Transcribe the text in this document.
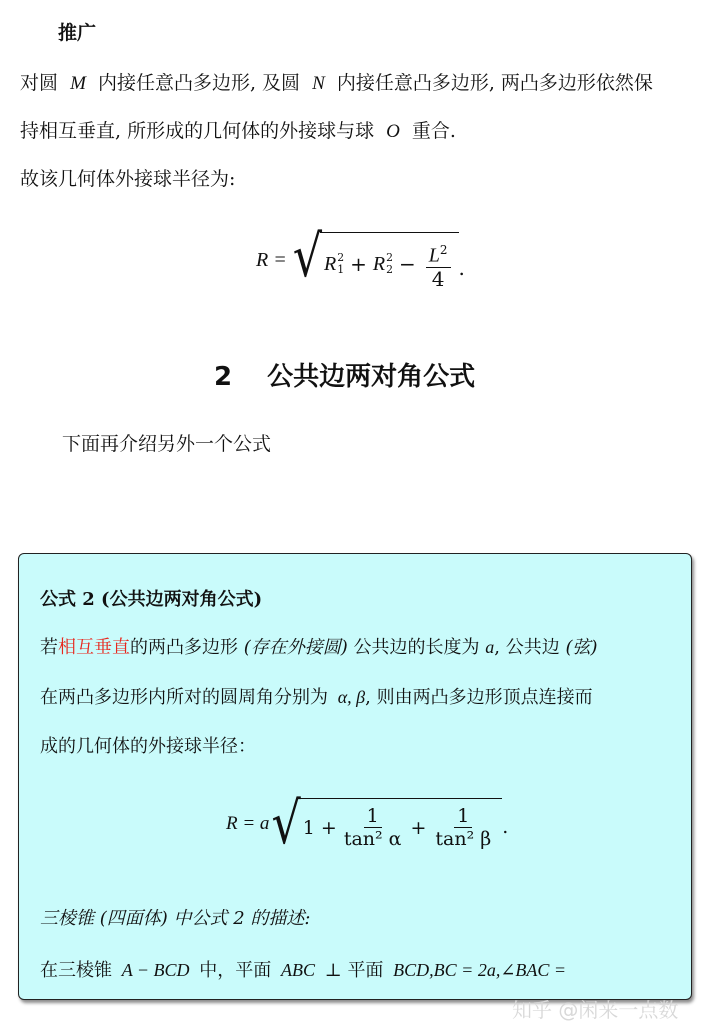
推广
对圆 M 内接任意凸多边形, 及圆 N 内接任意凸多边形, 两凸多边形依然保
持相互垂直, 所形成的几何体的外接球与球 O 重合.
故该几何体外接球半径为:
R = √ R 2
1 + R 2
$2 - \frac{L^2}{4}$ .
2 公共边两对角公式
下面再介绍另外一个公式
公式 2 (公共边两对角公式)
若相互垂直的两凸多边形 (存在外接圆) 公共边的长度为 a, 公共边 (弦)
在两凸多边形内所对的圆周角分别为 α, β, 则由两凸多边形顶点连接而
成的几何体的外接球半径：
R = a √ $1 + \frac{1}{\text{tan² α}} + \frac{1}{\text{tan² β}}$ .
三棱锥 (四面体) 中公式 2 的描述:
在三棱锥 A − BCD 中，平面 ABC ⊥ 平面 BCD,BC = 2a,∠BAC =
知乎 @闲来一点数
